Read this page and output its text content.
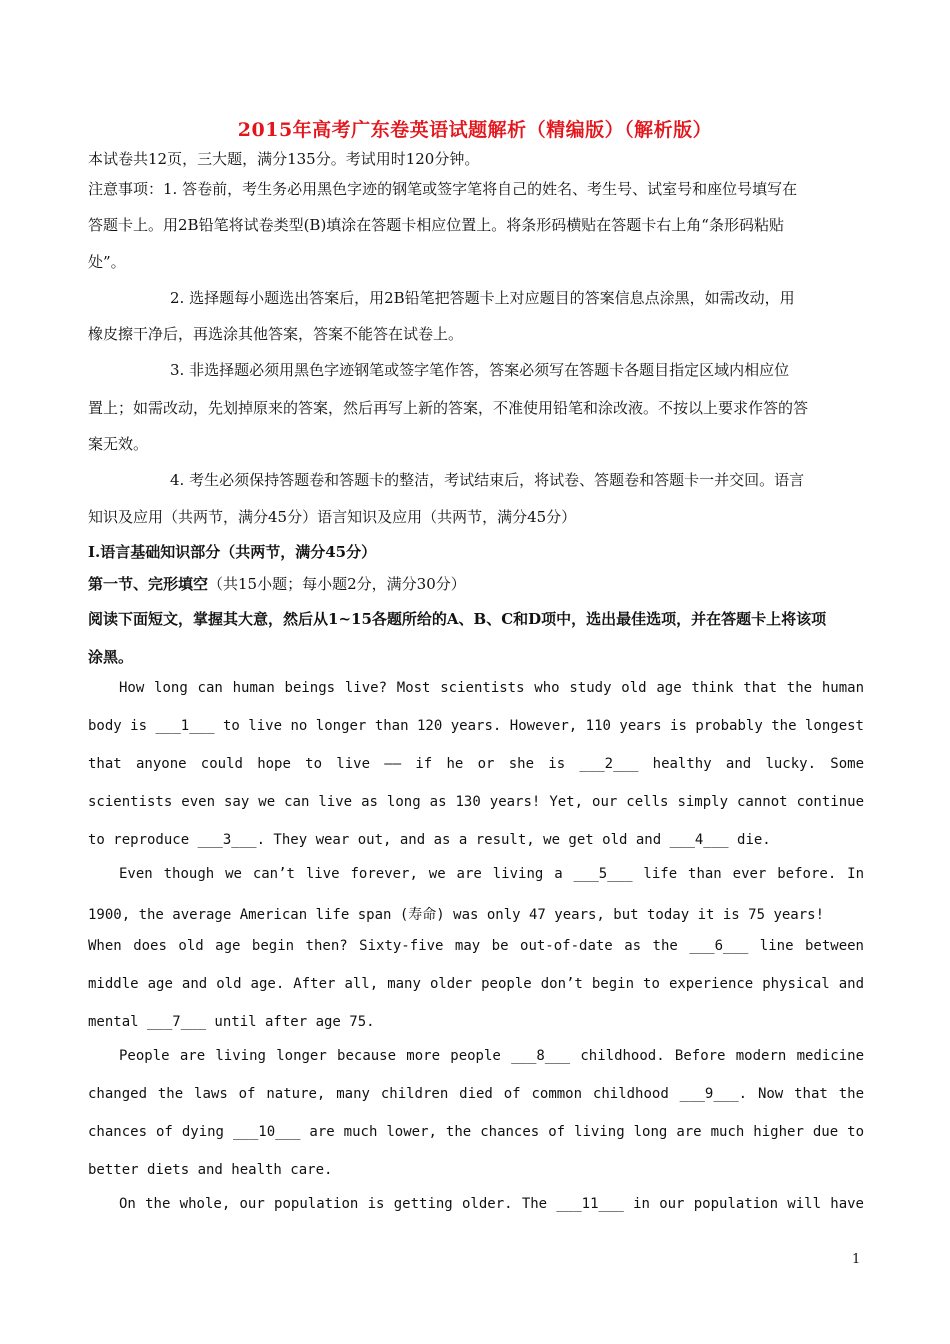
2015年高考广东卷英语试题解析（精编版）（解析版）
本试卷共12页，三大题，满分135分。考试用时120分钟。
注意事项：1. 答卷前，考生务必用黑色字迹的钢笔或签字笔将自己的姓名、考生号、试室号和座位号填写在
答题卡上。用2B铅笔将试卷类型(B)填涂在答题卡相应位置上。将条形码横贴在答题卡右上角“条形码粘贴
处”。
2. 选择题每小题选出答案后，用2B铅笔把答题卡上对应题目的答案信息点涂黑，如需改动，用
橡皮擦干净后，再选涂其他答案，答案不能答在试卷上。
3. 非选择题必须用黑色字迹钢笔或签字笔作答，答案必须写在答题卡各题目指定区域内相应位
置上；如需改动，先划掉原来的答案，然后再写上新的答案，不准使用铅笔和涂改液。不按以上要求作答的答
案无效。
4. 考生必须保持答题卷和答题卡的整洁，考试结束后，将试卷、答题卷和答题卡一并交回。语言
知识及应用（共两节，满分45分）语言知识及应用（共两节，满分45分）
Ⅰ.语言基础知识部分（共两节，满分45分）
第一节、完形填空（共15小题；每小题2分，满分30分）
阅读下面短文，掌握其大意，然后从1~15各题所给的A、B、C和D项中，选出最佳选项，并在答题卡上将该项
涂黑。
How long can human beings live? Most scientists who study old age think that the human
body is ___1___ to live no longer than 120 years. However, 110 years is probably the longest
that anyone could hope to live —— if he or she is ___2___ healthy and lucky. Some
scientists even say we can live as long as 130 years! Yet, our cells simply cannot continue
to reproduce ___3___. They wear out, and as a result, we get old and ___4___ die.
Even though we can’t live forever, we are living a ___5___ life than ever before. In
1900, the average American life span (寿命) was only 47 years, but today it is 75 years!
When does old age begin then? Sixty-five may be out-of-date as the ___6___ line between
middle age and old age. After all, many older people don’t begin to experience physical and
mental ___7___ until after age 75.
People are living longer because more people ___8___ childhood. Before modern medicine
changed the laws of nature, many children died of common childhood ___9___. Now that the
chances of dying ___10___ are much lower, the chances of living long are much higher due to
better diets and health care.
On the whole, our population is getting older. The ___11___ in our population will have
1
